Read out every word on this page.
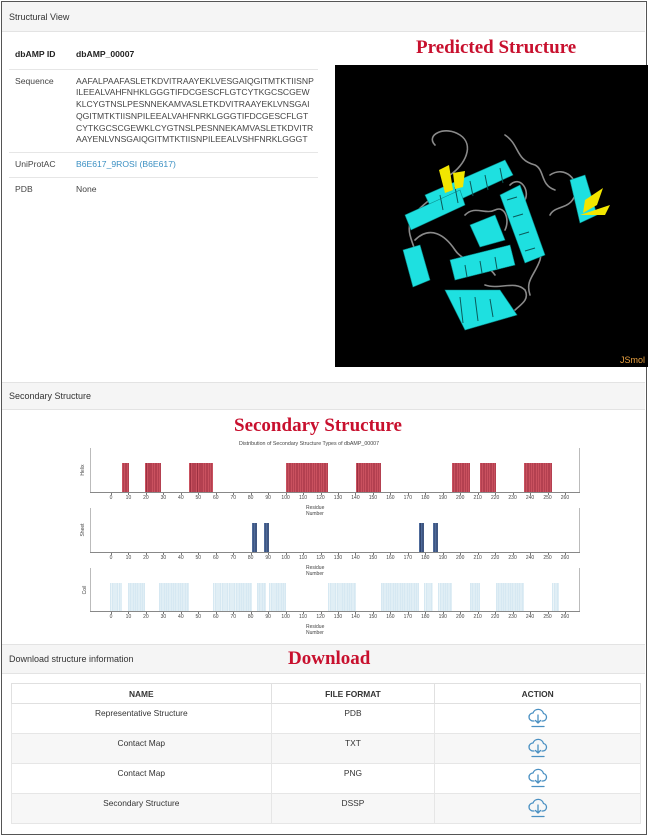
Structural View
Predicted Structure
dbAMP ID	dbAMP_00007
Sequence	AAFALPAAFASLETKDVITRAAYEKLVESGAIQGITMTKTIISNPILEEALVAHFNHKLGGGTIFDCGESCFLGTCYTKGCSCGEWKLCYGTNSLPESNNEKAMVASLETKDVITRAAYEKLVNSGAIQGITMTKTIISNPILEEALVAHFNRKLGGGTIFDCGESCFLGTCYTKGCSCGEWKLCYGTNSLPESNNEKAMVASLETKDVITRAAYENLVNSGAIQGITMTKTIISNPILEEALVSHFNRKLGGGT
UniProtAC	B6E617_9ROSI (B6E617)
PDB	None
JSmol
Secondary Structure
Secondary Structure
Distribution of Secondary Structure Types of dbAMP_00007
Helix
0	10 20 30 40 50 60 70 80 90 100 110 120 130 140 150 160 170 180 190 200 210 220 230 240 250 260
Residue Number
Sheet
0	10 20 30 40 50 60 70 80 90 100 110 120 130 140 150 160 170 180 190 200 210 220 230 240 250 260
Residue Number
Coil
0	10 20 30 40 50 60 70 80 90 100 110 120 130 140 150 160 170 180 190 200 210 220 230 240 250 260
Residue Number
Download structure information	Download
NAME	FILE FORMAT	ACTION
Representative Structure	PDB	
Contact Map	TXT	
Contact Map	PNG	
Secondary Structure	DSSP	
